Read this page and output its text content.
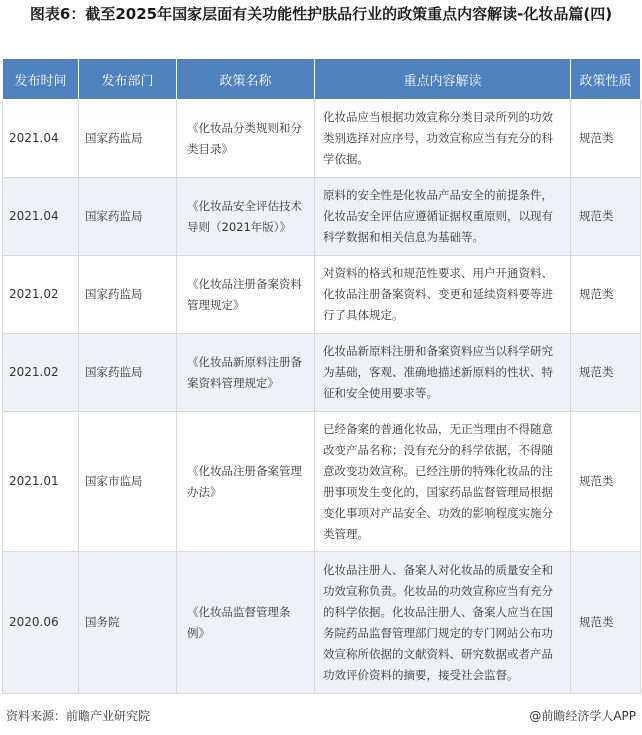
图表6：截至2025年国家层面有关功能性护肤品行业的政策重点内容解读-化妆品篇(四)
发布时间	发布部门	政策名称	重点内容解读	政策性质
2021.04	国家药监局	《化妆品分类规则和分类目录》	化妆品应当根据功效宣称分类目录所列的功效类别选择对应序号，功效宣称应当有充分的科学依据。	规范类
2021.04	国家药监局	《化妆品安全评估技术导则（2021年版）》	原料的安全性是化妆品产品安全的前提条件，化妆品安全评估应遵循证据权重原则，以现有科学数据和相关信息为基础等。	规范类
2021.02	国家药监局	《化妆品注册备案资料管理规定》	对资料的格式和规范性要求、用户开通资料、化妆品注册备案资料、变更和延续资料要等进行了具体规定。	规范类
2021.02	国家药监局	《化妆品新原料注册备案资料管理规定》	化妆品新原料注册和备案资料应当以科学研究为基础，客观、准确地描述新原料的性状、特征和安全使用要求等。	规范类
2021.01	国家市监局	《化妆品注册备案管理办法》	已经备案的普通化妆品，无正当理由不得随意改变产品名称；没有充分的科学依据，不得随意改变功效宣称。已经注册的特殊化妆品的注册事项发生变化的，国家药品监督管理局根据变化事项对产品安全、功效的影响程度实施分类管理。	规范类
2020.06	国务院	《化妆品监督管理条例》	化妆品注册人、备案人对化妆品的质量安全和功效宣称负责。化妆品的功效宣称应当有充分的科学依据。化妆品注册人、备案人应当在国务院药品监督管理部门规定的专门网站公布功效宣称所依据的文献资料、研究数据或者产品功效评价资料的摘要，接受社会监督。	规范类
资料来源：前瞻产业研究院	@前瞻经济学人APP
